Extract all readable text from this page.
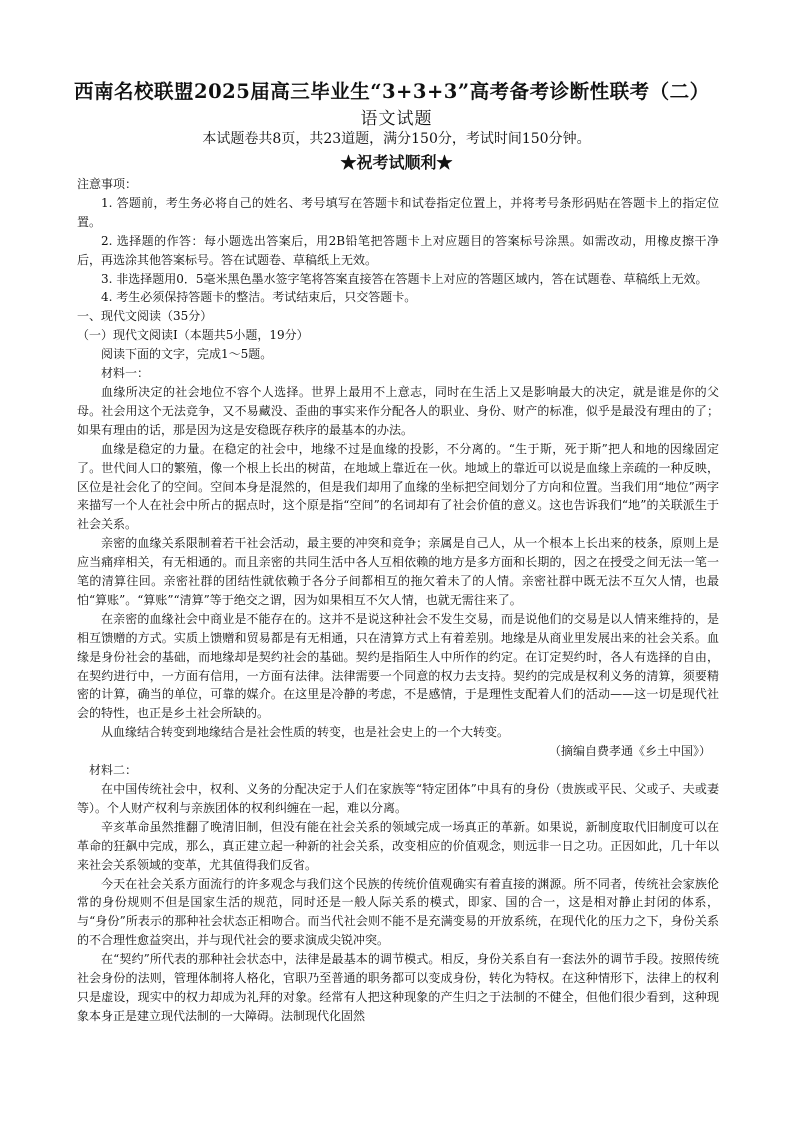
西南名校联盟2025届高三毕业生“3+3+3”高考备考诊断性联考（二）
语文试题
本试题卷共8页，共23道题，满分150分，考试时间150分钟。
★祝考试顺利★

注意事项：

1. 答题前，考生务必将自己的姓名、考号填写在答题卡和试卷指定位置上，并将考号条形码贴在答题卡上的指定位置。

2. 选择题的作答：每小题选出答案后，用2B铅笔把答题卡上对应题目的答案标号涂黑。如需改动，用橡皮擦干净后，再选涂其他答案标号。答在试题卷、草稿纸上无效。

3. 非选择题用0．5毫米黑色墨水签字笔将答案直接答在答题卡上对应的答题区域内，答在试题卷、草稿纸上无效。

4. 考生必须保持答题卡的整洁。考试结束后，只交答题卡。

一、现代文阅读（35分）

（一）现代文阅读Ⅰ（本题共5小题，19分）

阅读下面的文字，完成1～5题。

材料一：

血缘所决定的社会地位不容个人选择。世界上最用不上意志，同时在生活上又是影响最大的决定，就是谁是你的父母。社会用这个无法竞争，又不易藏没、歪曲的事实来作分配各人的职业、身份、财产的标准，似乎是最没有理由的了；如果有理由的话，那是因为这是安稳既存秩序的最基本的办法。

血缘是稳定的力量。在稳定的社会中，地缘不过是血缘的投影，不分离的。“生于斯，死于斯”把人和地的因缘固定了。世代间人口的繁殖，像一个根上长出的树苗，在地域上靠近在一伙。地域上的靠近可以说是血缘上亲疏的一种反映，区位是社会化了的空间。空间本身是混然的，但是我们却用了血缘的坐标把空间划分了方向和位置。当我们用“地位”两字来描写一个人在社会中所占的据点时，这个原是指“空间”的名词却有了社会价值的意义。这也告诉我们“地”的关联派生于社会关系。

亲密的血缘关系限制着若干社会活动，最主要的冲突和竞争；亲属是自己人，从一个根本上长出来的枝条，原则上是应当痛痒相关，有无相通的。而且亲密的共同生活中各人互相依赖的地方是多方面和长期的，因之在授受之间无法一笔一笔的清算往回。亲密社群的团结性就依赖于各分子间都相互的拖欠着未了的人情。亲密社群中既无法不互欠人情，也最怕“算账”。“算账”“清算”等于绝交之谓，因为如果相互不欠人情，也就无需往来了。

在亲密的血缘社会中商业是不能存在的。这并不是说这种社会不发生交易，而是说他们的交易是以人情来维持的，是相互馈赠的方式。实质上馈赠和贸易都是有无相通，只在清算方式上有着差别。地缘是从商业里发展出来的社会关系。血缘是身份社会的基础，而地缘却是契约社会的基础。契约是指陌生人中所作的约定。在订定契约时，各人有选择的自由，在契约进行中，一方面有信用，一方面有法律。法律需要一个同意的权力去支持。契约的完成是权利义务的清算，须要精密的计算，确当的单位，可靠的媒介。在这里是冷静的考虑，不是感情，于是理性支配着人们的活动——这一切是现代社会的特性，也正是乡土社会所缺的。

从血缘结合转变到地缘结合是社会性质的转变，也是社会史上的一个大转变。

（摘编自费孝通《乡土中国》）

材料二：

在中国传统社会中，权利、义务的分配决定于人们在家族等“特定团体”中具有的身份（贵族或平民、父或子、夫或妻等）。个人财产权利与亲族团体的权利纠缠在一起，难以分离。

辛亥革命虽然推翻了晚清旧制，但没有能在社会关系的领域完成一场真正的革新。如果说，新制度取代旧制度可以在革命的狂飙中完成，那么，真正建立起一种新的社会关系，改变相应的价值观念，则远非一日之功。正因如此，几十年以来社会关系领域的变革，尤其值得我们反省。

今天在社会关系方面流行的许多观念与我们这个民族的传统价值观确实有着直接的渊源。所不同者，传统社会家族伦常的身份规则不但是国家生活的规范，同时还是一般人际关系的模式，即家、国的合一，这是相对静止封闭的体系，与“身份”所表示的那种社会状态正相吻合。而当代社会则不能不是充满变易的开放系统，在现代化的压力之下，身份关系的不合理性愈益突出，并与现代社会的要求演成尖锐冲突。

在“契约”所代表的那种社会状态中，法律是最基本的调节模式。相反，身份关系自有一套法外的调节手段。按照传统社会身份的法则，管理体制将人格化，官职乃至普通的职务都可以变成身份，转化为特权。在这种情形下，法律上的权利只是虚设，现实中的权力却成为礼拜的对象。经常有人把这种现象的产生归之于法制的不健全，但他们很少看到，这种现象本身正是建立现代法制的一大障碍。法制现代化固然
